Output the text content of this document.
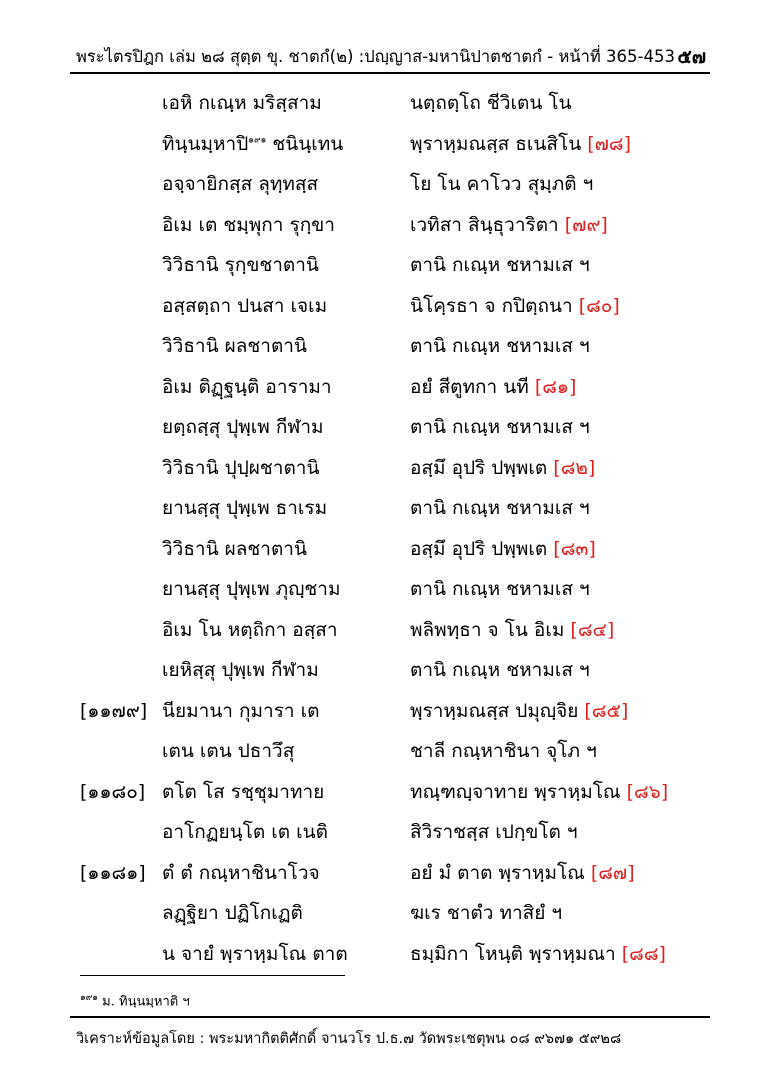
พระไตรปิฎก เล่ม ๒๘ สุตฺต ขุ. ชาตกํ(๒) :ปญฺญาส-มหานิปาตชาตกํ - หน้าที่ 365-453 ๕๗
เอหิ กเณฺห มริสฺสาม	นตฺถตฺโถ ชีวิเตน โน
ทินฺนมฺหาปิ$^{๑๙๑}$ ชนินฺเทน	พฺราหฺมณสฺส ธเนสิโน [๗๘]
อจฺจายิกสฺส ลุทฺทสฺส	โย โน คาโวว สุมฺภติ ฯ
อิเม เต ชมฺพุกา รุกฺขา	เวทิสา สินฺธุวาริตา [๗๙]
วิวิธานิ รุกฺขชาตานิ	ตานิ กเณฺห ชหามเส ฯ
อสฺสตฺถา ปนสา เจเม	นิโคฺรธา จ กปิตฺถนา [๘๐]
วิวิธานิ ผลชาตานิ	ตานิ กเณฺห ชหามเส ฯ
อิเม ติฏฺฐนฺติ อารามา	อยํ สีตูทกา นที [๘๑]
ยตฺถสฺสุ ปุพฺเพ กีฬาม	ตานิ กเณฺห ชหามเส ฯ
วิวิธานิ ปุปฺผชาตานิ	อสฺมึ อุปริ ปพฺพเต [๘๒]
ยานสฺสุ ปุพฺเพ ธาเรม	ตานิ กเณฺห ชหามเส ฯ
วิวิธานิ ผลชาตานิ	อสฺมึ อุปริ ปพฺพเต [๘๓]
ยานสฺสุ ปุพฺเพ ภุญฺชาม	ตานิ กเณฺห ชหามเส ฯ
อิเม โน หตฺถิกา อสฺสา	พลิพทฺธา จ โน อิเม [๘๔]
เยหิสฺสุ ปุพฺเพ กีฬาม	ตานิ กเณฺห ชหามเส ฯ
[๑๑๗๙] นียมานา กุมารา เต	พฺราหฺมณสฺส ปมุญฺจิย [๘๕]
เตน เตน ปธาวึสุ	ชาลี กณฺหาชินา จุโภ ฯ
[๑๑๘๐] ตโต โส รชฺชุมาทาย	ทณฺฑญฺจาทาย พฺราหฺมโณ [๘๖]
อาโกฏยนฺโต เต เนติ	สิวิราชสฺส เปกฺขโต ฯ
[๑๑๘๑] ตํ ตํ กณฺหาชินาโวจ	อยํ มํ ตาต พฺราหฺมโณ [๘๗]
ลฏฺฐิยา ปฏิโกเฏติ	ฆเร ชาตํว ทาสิยํ ฯ
น จายํ พฺราหฺมโณ ตาต	ธมฺมิกา โหนฺติ พฺราหฺมณา [๘๘]
$^{๑๙๑}$ ม. ทินฺนมฺหาติ ฯ
วิเคราะห์ข้อมูลโดย : พระมหากิตติศักดิ์ จานวโร ป.ธ.๗ วัดพระเชตุพน ๐๘ ๙๖๗๑ ๕๙๒๘
